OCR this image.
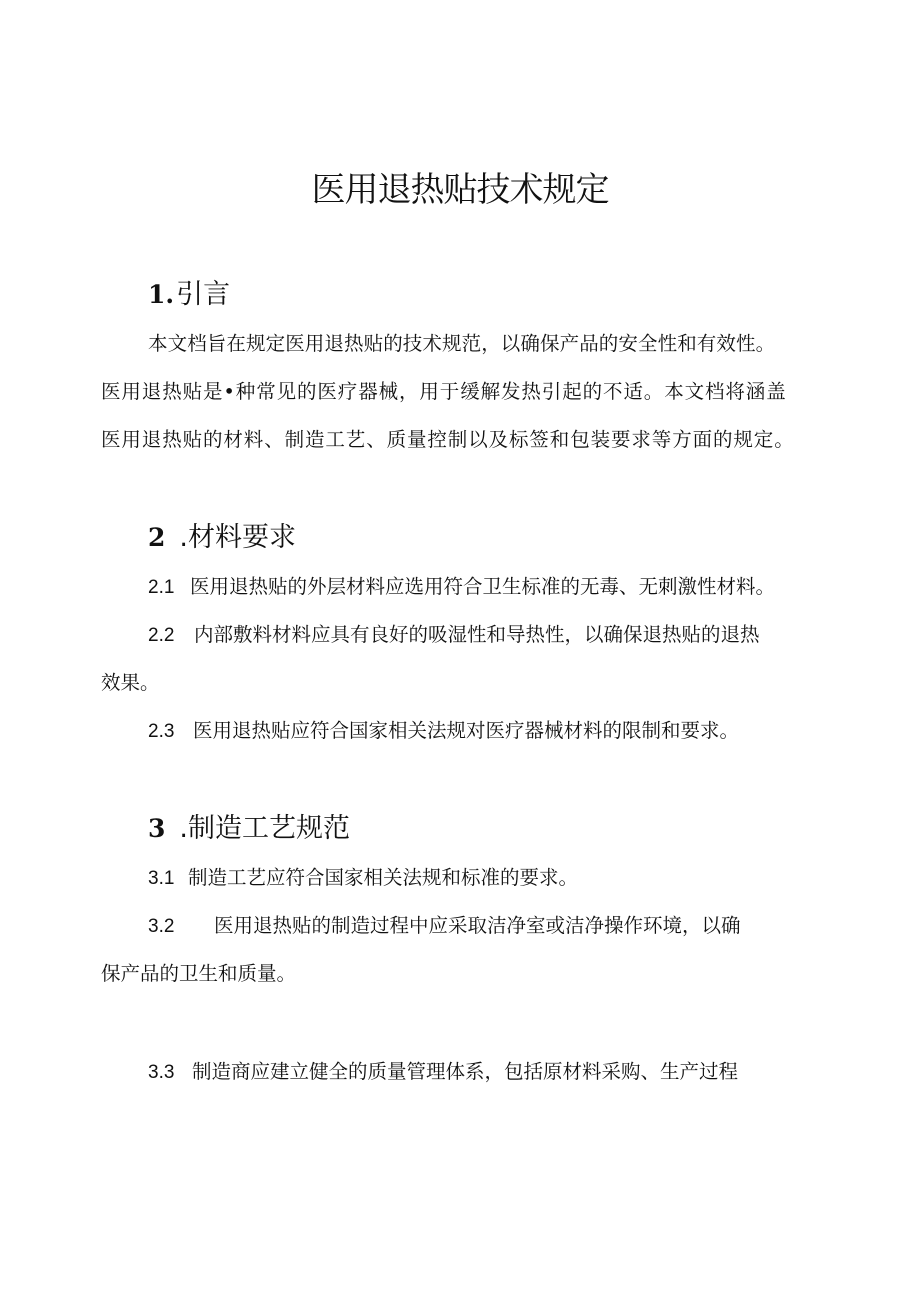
医用退热贴技术规定
1.引言
本文档旨在规定医用退热贴的技术规范，以确保产品的安全性和有效性。
医用退热贴是•种常见的医疗器械，用于缓解发热引起的不适。本文档将涵盖
医用退热贴的材料、制造工艺、质量控制以及标签和包装要求等方面的规定。
2 .材料要求
2.1 医用退热贴的外层材料应选用符合卫生标准的无毒、无刺激性材料。
2.2 内部敷料材料应具有良好的吸湿性和导热性，以确保退热贴的退热
效果。
2.3 医用退热贴应符合国家相关法规对医疗器械材料的限制和要求。
3 .制造工艺规范
3.1 制造工艺应符合国家相关法规和标准的要求。
3.2 医用退热贴的制造过程中应采取洁净室或洁净操作环境，以确
保产品的卫生和质量。
3.3 制造商应建立健全的质量管理体系，包括原材料采购、生产过程
